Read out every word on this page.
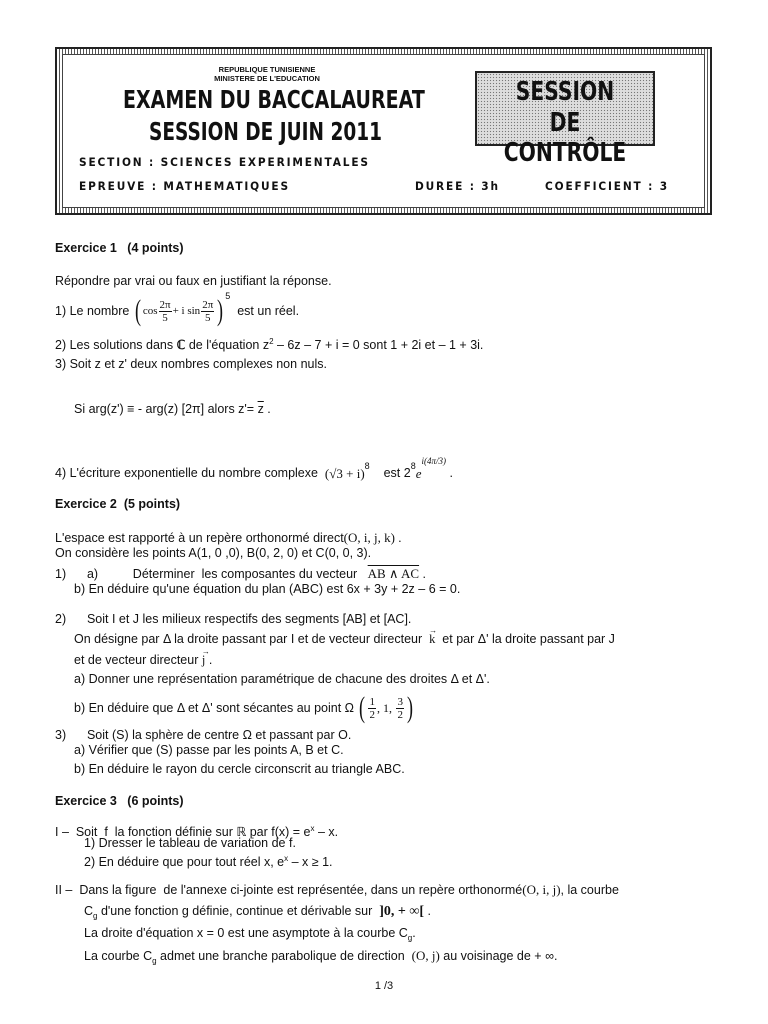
REPUBLIQUE TUNISIENNE
MINISTERE DE L'EDUCATION
EXAMEN DU BACCALAUREAT
SESSION DE JUIN 2011
SESSION
DE CONTRÔLE
SECTION : SCIENCES EXPERIMENTALES
EPREUVE : MATHEMATIQUES	DUREE : 3h	COEFFICIENT : 3
Exercice 1 (4 points)
Répondre par vrai ou faux en justifiant la réponse.
1) Le nombre
( $\cos \frac{2\pi}{5} + i$ $\sin \frac{2\pi}{5} )^5$

est un réel.
2) Les solutions dans ℂ de l'équation $z^2 - 6z - 7 + i = 0$ sont 1 + 2i et – 1 + 3i.
3) Soit z et z' deux nombres complexes non nuls.
Si arg(z') ≡ - arg(z) [2π] alors $z'= \overline{z}$ .
4) L'écriture exponentielle du nombre complexe
$(√3 + i)^8$
est $2^8$ e
$^{i(4\pi/3)}$

.
Exercice 2 (5 points)
L'espace est rapporté à un repère orthonormé direct(O, i, j, k) .
On considère les points A(1, 0 ,0), B(0, 2, 0) et C(0, 0, 3).
1)      a)          Déterminer  les composantes du vecteur AB ∧ AC .
b) En déduire qu'une équation du plan (ABC) est 6x + 3y + 2z – 6 = 0.
2)      Soit I et J les milieux respectifs des segments [AB] et [AC].
On désigne par Δ la droite passant par I et de vecteur directeur → k et par Δ' la droite passant par J
et de vecteur directeur → j .
a) Donner une représentation paramétrique de chacune des droites Δ et Δ'.
b) En déduire que Δ et Δ' sont sécantes au point Ω
( $\frac{1}{2}$ , 1,
$\frac{3}{2}$ )
3)      Soit (S) la sphère de centre Ω et passant par O.
a) Vérifier que (S) passe par les points A, B et C.
b) En déduire le rayon du cercle circonscrit au triangle ABC.
Exercice 3 (6 points)
I –  Soit  f  la fonction définie sur ℝ par $f(x) = e^x - x$.
1) Dresser le tableau de variation de f.
2) En déduire que pour tout réel x, $e^x - x \ge 1$.
II –  Dans la figure  de l'annexe ci-jointe est représentée, dans un repère orthonormé(O, i, j), la courbe
$C_g$ d'une fonction g définie, continue et dérivable sur ]0, + ∞[ .
La droite d'équation x = 0 est une asymptote à la courbe $C_g$.
La courbe $C_g$ admet une branche parabolique de direction (O, j) au voisinage de + ∞.
1 /3
